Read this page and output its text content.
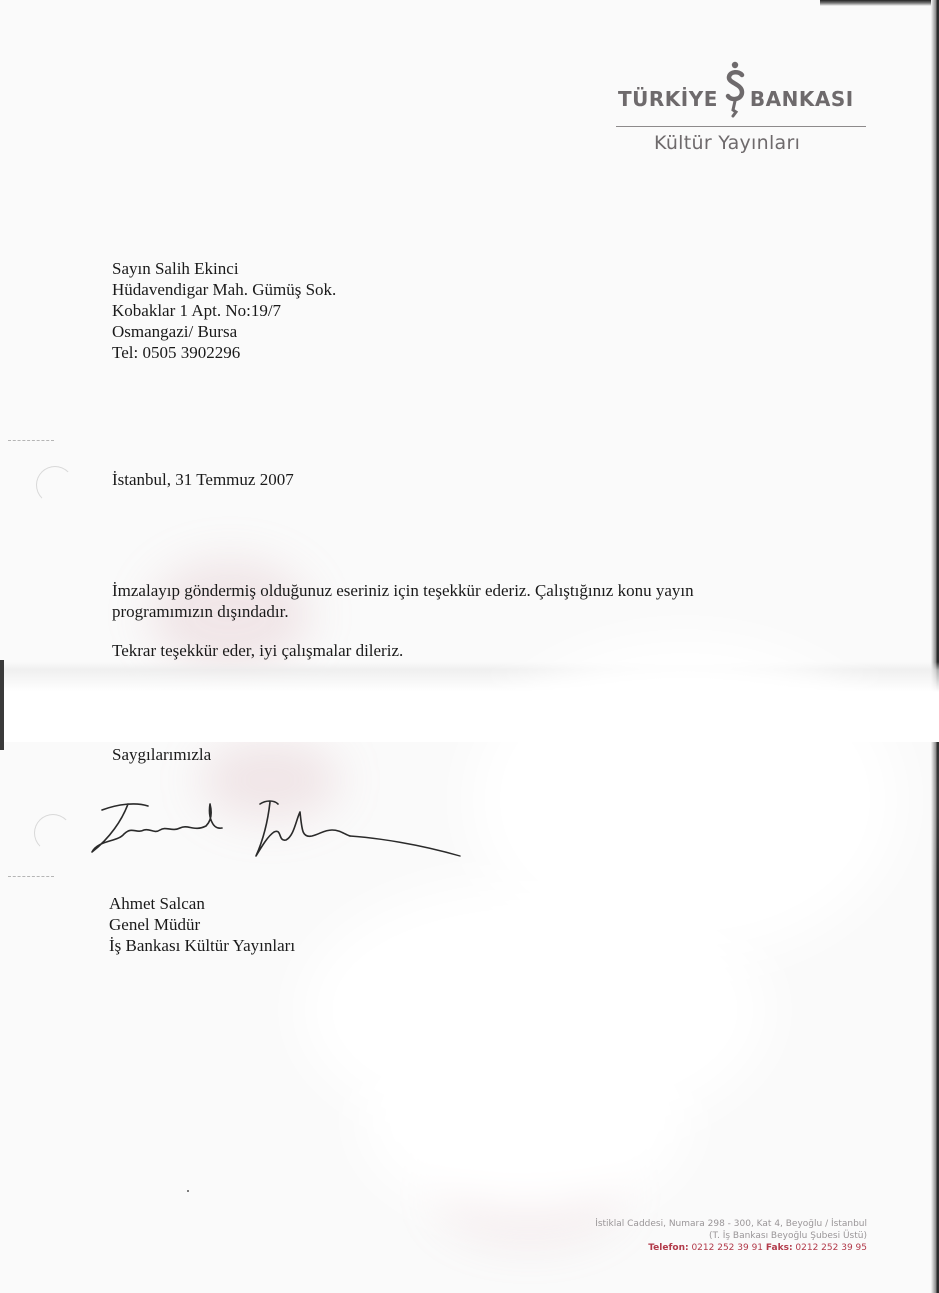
TÜRKİYE BANKASI
Kültür Yayınları
Sayın Salih Ekinci
Hüdavendigar Mah. Gümüş Sok.
Kobaklar 1 Apt. No:19/7
Osmangazi/ Bursa
Tel: 0505 3902296
İstanbul, 31 Temmuz 2007
İmzalayıp göndermiş olduğunuz eseriniz için teşekkür ederiz. Çalıştığınız konu yayın
programımızın dışındadır.
Tekrar teşekkür eder, iyi çalışmalar dileriz.
Saygılarımızla
Ahmet Salcan
Genel Müdür
İş Bankası Kültür Yayınları
İstiklal Caddesi, Numara 298 - 300, Kat 4, Beyoğlu / İstanbul
(T. İş Bankası Beyoğlu Şubesi Üstü)
Telefon: 0212 252 39 91 Faks: 0212 252 39 95
